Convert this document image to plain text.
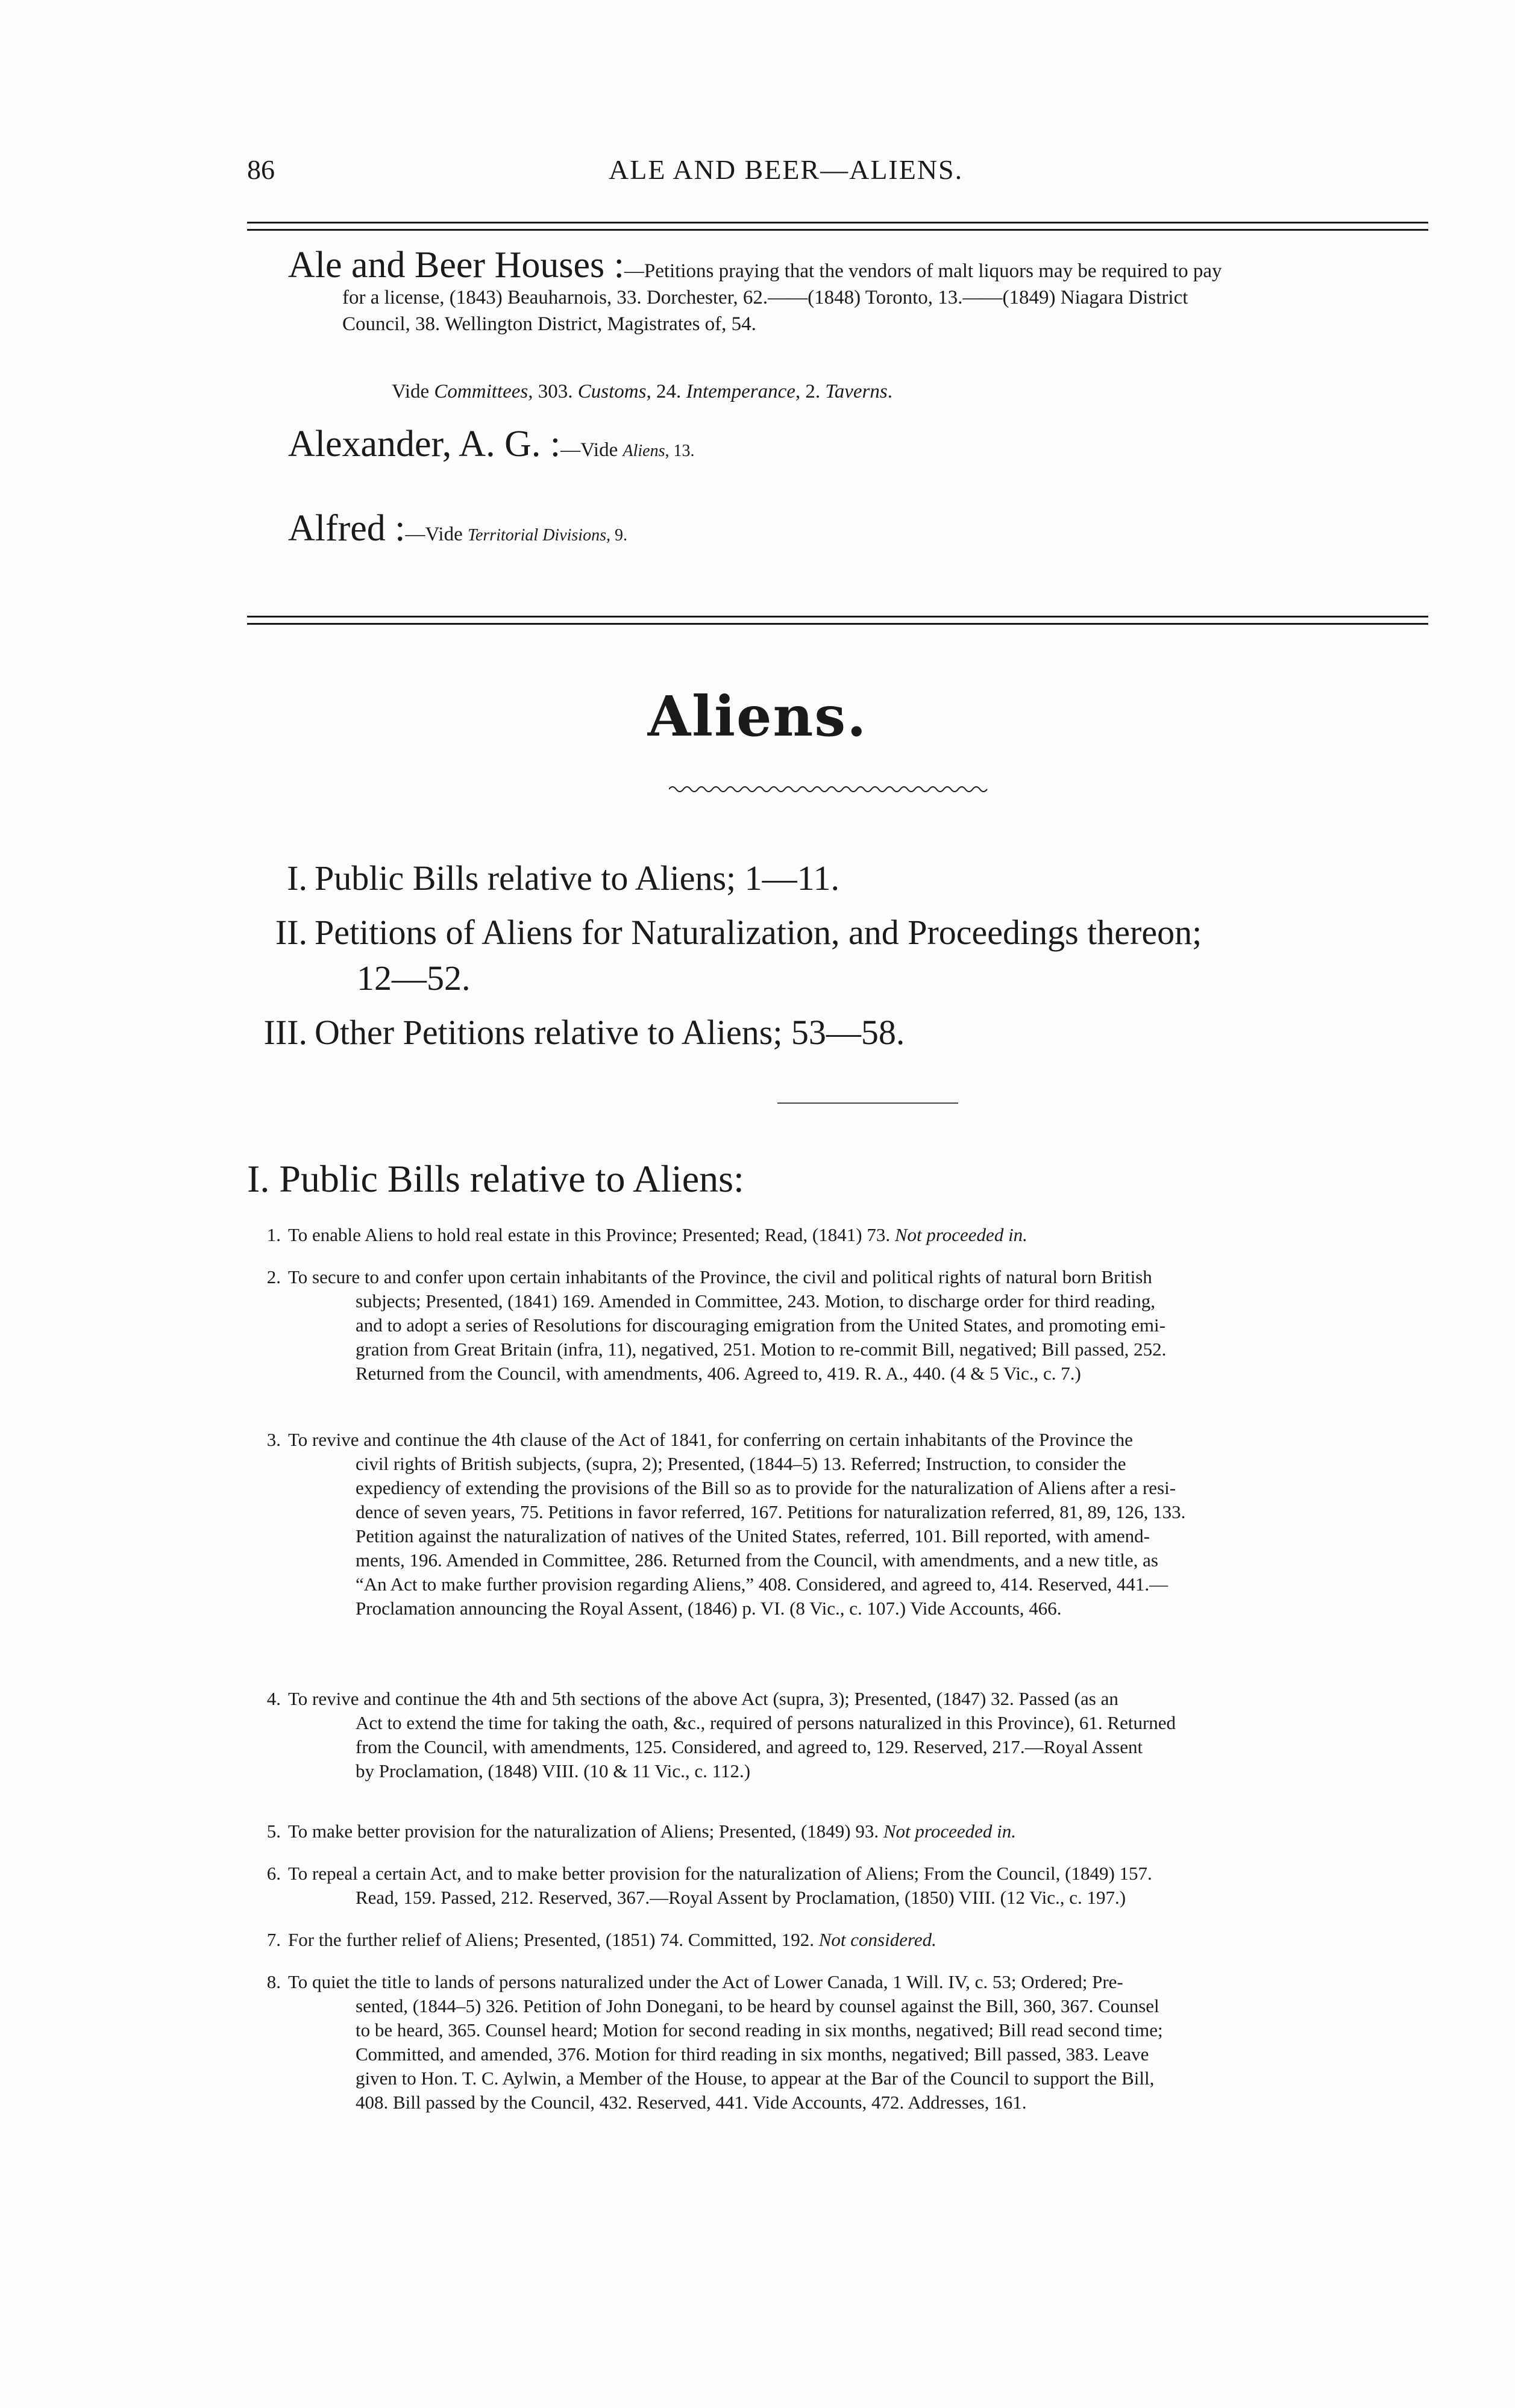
86	ALE AND BEER—ALIENS.
Ale and Beer Houses :—Petitions praying that the vendors of malt liquors may be required to pay
for a license, (1843) Beauharnois, 33. Dorchester, 62.——(1848) Toronto, 13.——(1849) Niagara District
Council, 38. Wellington District, Magistrates of, 54.
Vide Committees, 303. Customs, 24. Intemperance, 2. Taverns.
Alexander, A. G. :—Vide Aliens, 13.
Alfred :—Vide Territorial Divisions, 9.
Aliens.
I. Public Bills relative to Aliens; 1—11.
II. Petitions of Aliens for Naturalization, and Proceedings thereon;
12—52.
III. Other Petitions relative to Aliens; 53—58.
I. Public Bills relative to Aliens:
1. To enable Aliens to hold real estate in this Province; Presented; Read, (1841) 73. Not proceeded in.
2. To secure to and confer upon certain inhabitants of the Province, the civil and political rights of natural born British
subjects; Presented, (1841) 169. Amended in Committee, 243. Motion, to discharge order for third reading,
and to adopt a series of Resolutions for discouraging emigration from the United States, and promoting emi-
gration from Great Britain (infra, 11), negatived, 251. Motion to re-commit Bill, negatived; Bill passed, 252.
Returned from the Council, with amendments, 406. Agreed to, 419. R. A., 440. (4 & 5 Vic., c. 7.)
3. To revive and continue the 4th clause of the Act of 1841, for conferring on certain inhabitants of the Province the
civil rights of British subjects, (supra, 2); Presented, (1844–5) 13. Referred; Instruction, to consider the
expediency of extending the provisions of the Bill so as to provide for the naturalization of Aliens after a resi-
dence of seven years, 75. Petitions in favor referred, 167. Petitions for naturalization referred, 81, 89, 126, 133.
Petition against the naturalization of natives of the United States, referred, 101. Bill reported, with amend-
ments, 196. Amended in Committee, 286. Returned from the Council, with amendments, and a new title, as
“An Act to make further provision regarding Aliens,” 408. Considered, and agreed to, 414. Reserved, 441.—
Proclamation announcing the Royal Assent, (1846) p. VI. (8 Vic., c. 107.) Vide Accounts, 466.
4. To revive and continue the 4th and 5th sections of the above Act (supra, 3); Presented, (1847) 32. Passed (as an
Act to extend the time for taking the oath, &c., required of persons naturalized in this Province), 61. Returned
from the Council, with amendments, 125. Considered, and agreed to, 129. Reserved, 217.—Royal Assent
by Proclamation, (1848) VIII. (10 & 11 Vic., c. 112.)
5. To make better provision for the naturalization of Aliens; Presented, (1849) 93. Not proceeded in.
6. To repeal a certain Act, and to make better provision for the naturalization of Aliens; From the Council, (1849) 157.
Read, 159. Passed, 212. Reserved, 367.—Royal Assent by Proclamation, (1850) VIII. (12 Vic., c. 197.)
7. For the further relief of Aliens; Presented, (1851) 74. Committed, 192. Not considered.
8. To quiet the title to lands of persons naturalized under the Act of Lower Canada, 1 Will. IV, c. 53; Ordered; Pre-
sented, (1844–5) 326. Petition of John Donegani, to be heard by counsel against the Bill, 360, 367. Counsel
to be heard, 365. Counsel heard; Motion for second reading in six months, negatived; Bill read second time;
Committed, and amended, 376. Motion for third reading in six months, negatived; Bill passed, 383. Leave
given to Hon. T. C. Aylwin, a Member of the House, to appear at the Bar of the Council to support the Bill,
408. Bill passed by the Council, 432. Reserved, 441. Vide Accounts, 472. Addresses, 161.
